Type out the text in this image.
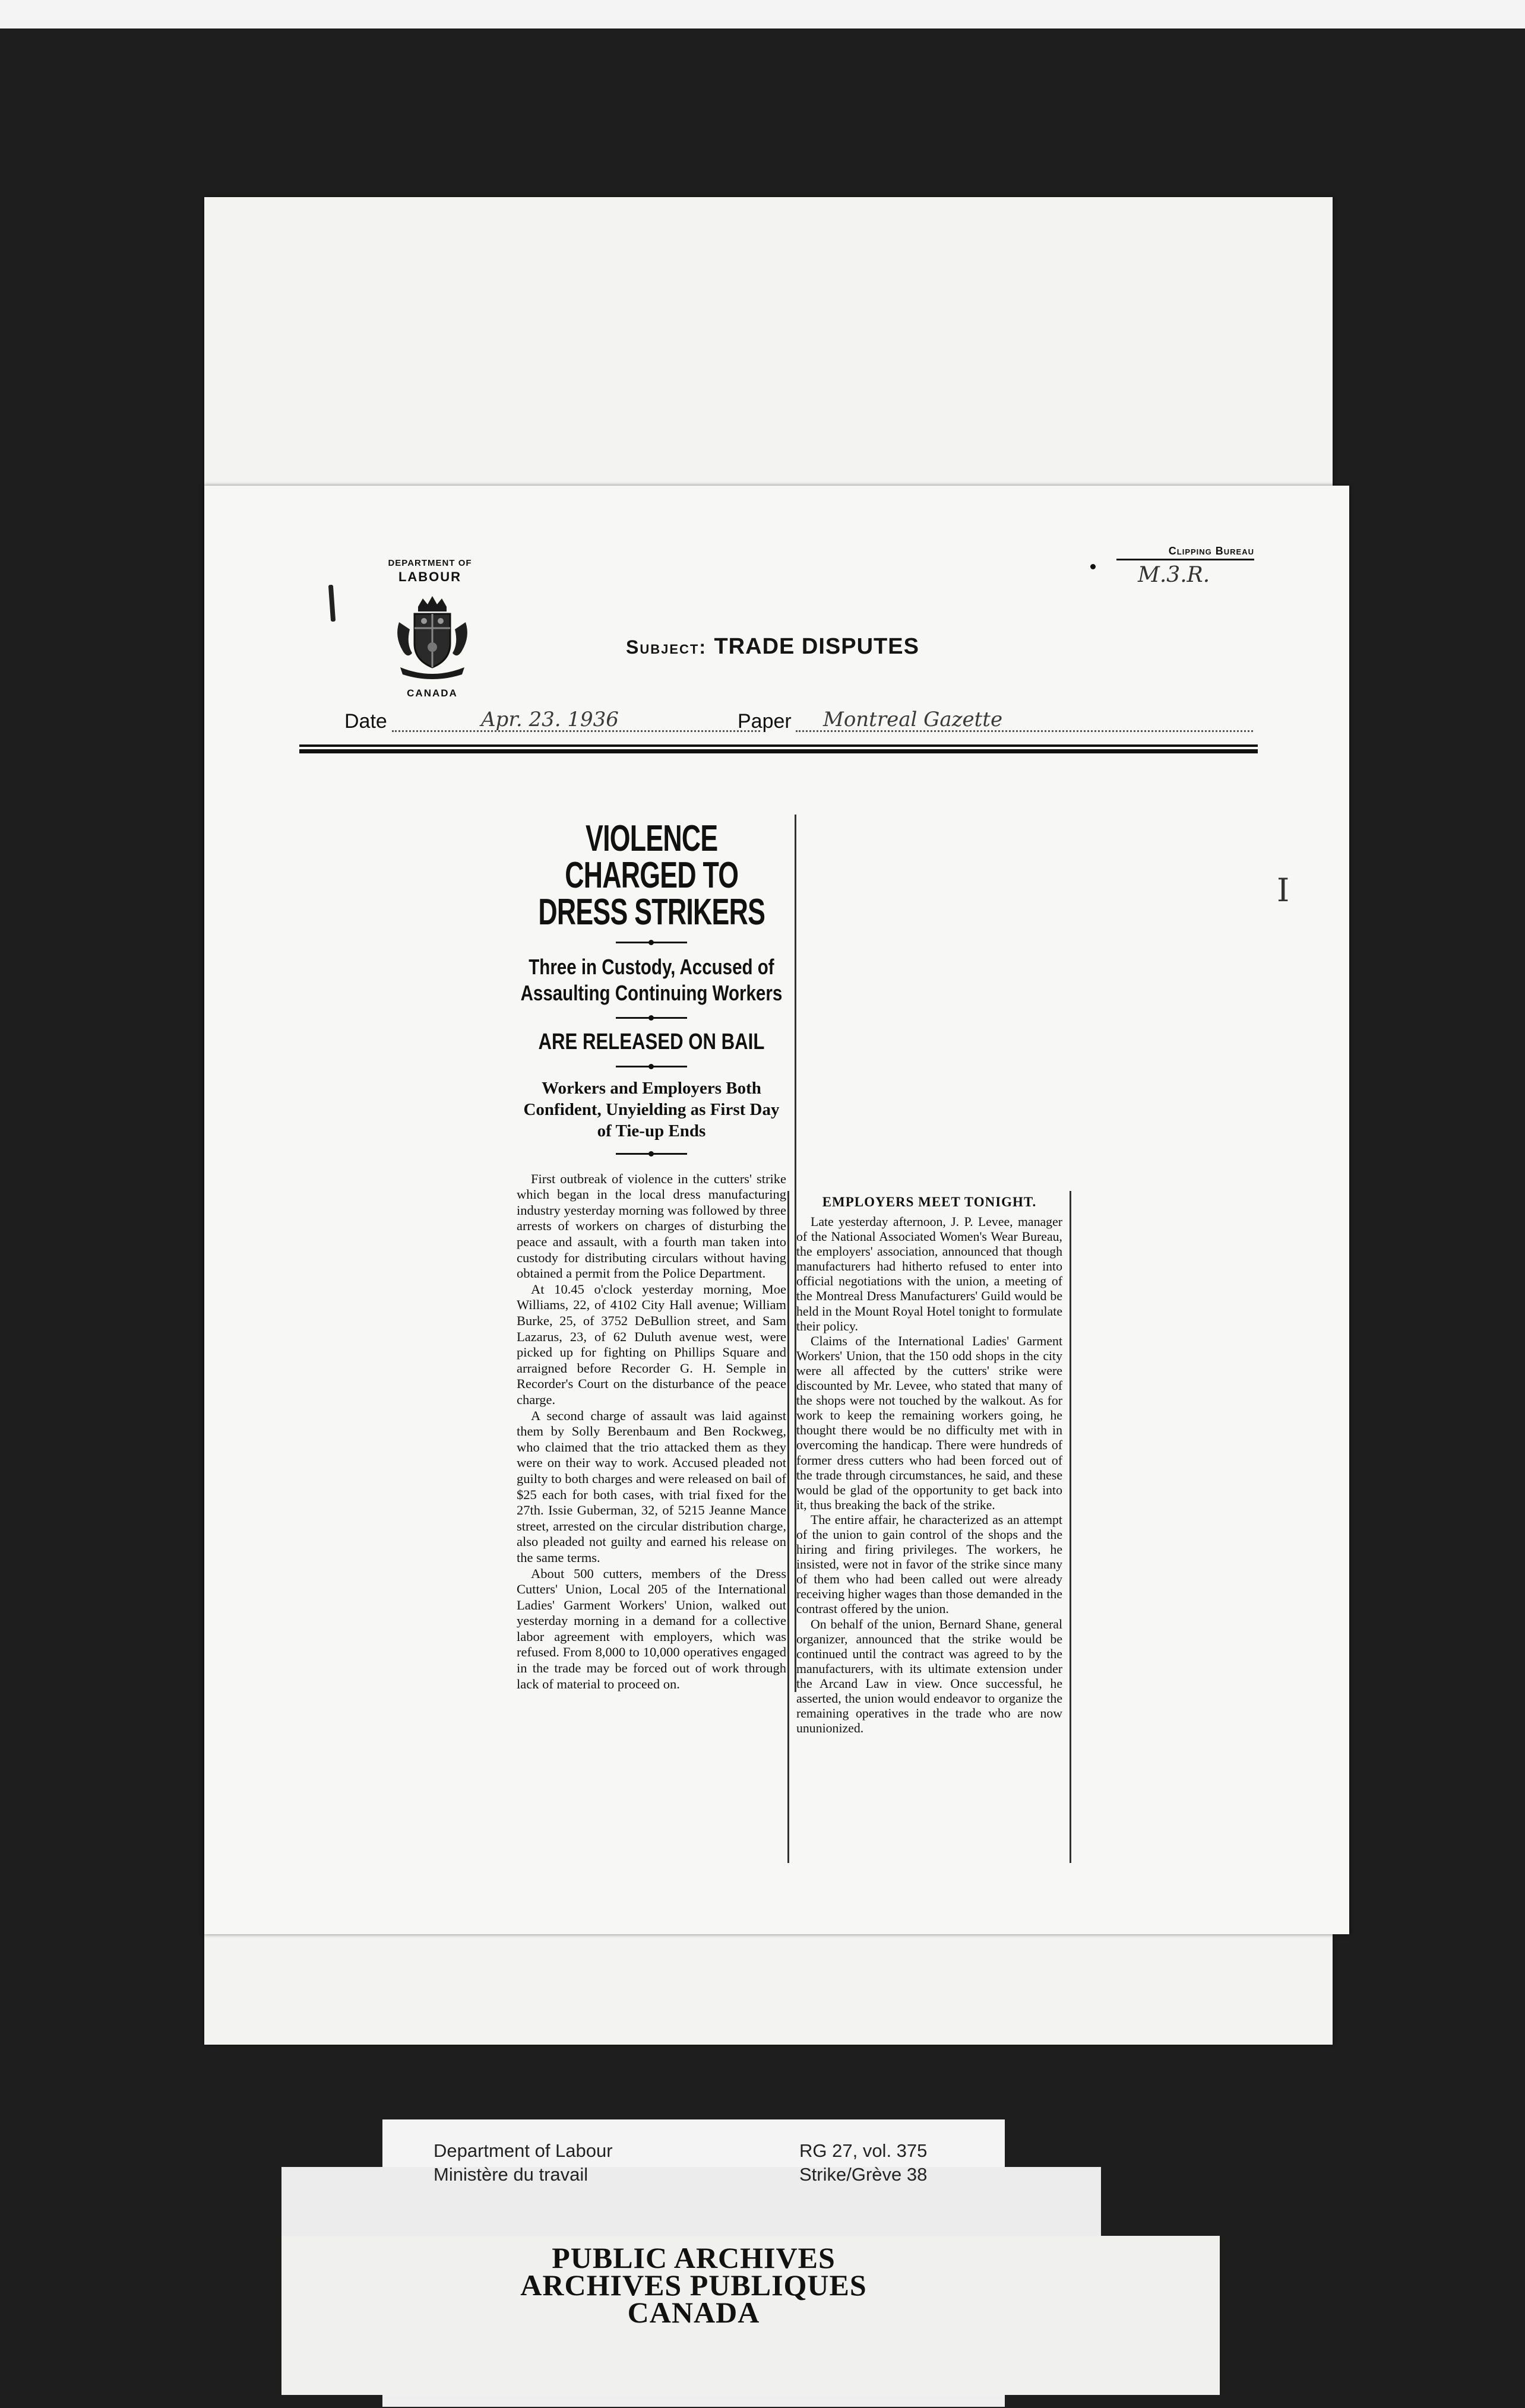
DEPARTMENT OF
LABOUR
CANADA
Subject: TRADE DISPUTES
Clipping Bureau
M.3.R.
Date	Apr. 23. 1936	Paper Montreal Gazette
VIOLENCE CHARGED TO DRESS STRIKERS
Three in Custody, Accused of Assaulting Continuing Workers
ARE RELEASED ON BAIL
Workers and Employers Both Confident, Unyielding as First Day of Tie-up Ends

First outbreak of violence in the cutters' strike which began in the local dress manufacturing industry yesterday morning was followed by three arrests of workers on charges of disturbing the peace and assault, with a fourth man taken into custody for distributing circulars without having obtained a permit from the Police Department.

At 10.45 o'clock yesterday morning, Moe Williams, 22, of 4102 City Hall avenue; William Burke, 25, of 3752 DeBullion street, and Sam Lazarus, 23, of 62 Duluth avenue west, were picked up for fighting on Phillips Square and arraigned before Recorder G. H. Semple in Recorder's Court on the disturbance of the peace charge.

A second charge of assault was laid against them by Solly Berenbaum and Ben Rockweg, who claimed that the trio attacked them as they were on their way to work. Accused pleaded not guilty to both charges and were released on bail of $25 each for both cases, with trial fixed for the 27th. Issie Guberman, 32, of 5215 Jeanne Mance street, arrested on the circular distribution charge, also pleaded not guilty and earned his release on the same terms.

About 500 cutters, members of the Dress Cutters' Union, Local 205 of the International Ladies' Garment Workers' Union, walked out yesterday morning in a demand for a collective labor agreement with employers, which was refused. From 8,000 to 10,000 operatives engaged in the trade may be forced out of work through lack of material to proceed on.

EMPLOYERS MEET TONIGHT.

Late yesterday afternoon, J. P. Levee, manager of the National Associated Women's Wear Bureau, the employers' association, announced that though manufacturers had hitherto refused to enter into official negotiations with the union, a meeting of the Montreal Dress Manufacturers' Guild would be held in the Mount Royal Hotel tonight to formulate their policy.

Claims of the International Ladies' Garment Workers' Union, that the 150 odd shops in the city were all affected by the cutters' strike were discounted by Mr. Levee, who stated that many of the shops were not touched by the walkout. As for work to keep the remaining workers going, he thought there would be no difficulty met with in overcoming the handicap. There were hundreds of former dress cutters who had been forced out of the trade through circumstances, he said, and these would be glad of the opportunity to get back into it, thus breaking the back of the strike.

The entire affair, he characterized as an attempt of the union to gain control of the shops and the hiring and firing privileges. The workers, he insisted, were not in favor of the strike since many of them who had been called out were already receiving higher wages than those demanded in the contrast offered by the union.

On behalf of the union, Bernard Shane, general organizer, announced that the strike would be continued until the contract was agreed to by the manufacturers, with its ultimate extension under the Arcand Law in view. Once successful, he asserted, the union would endeavor to organize the remaining operatives in the trade who are now ununionized.

I
Department of Labour
Ministère du travail
RG 27, vol. 375
Strike/Grève 38
PUBLIC ARCHIVES
ARCHIVES PUBLIQUES
CANADA
